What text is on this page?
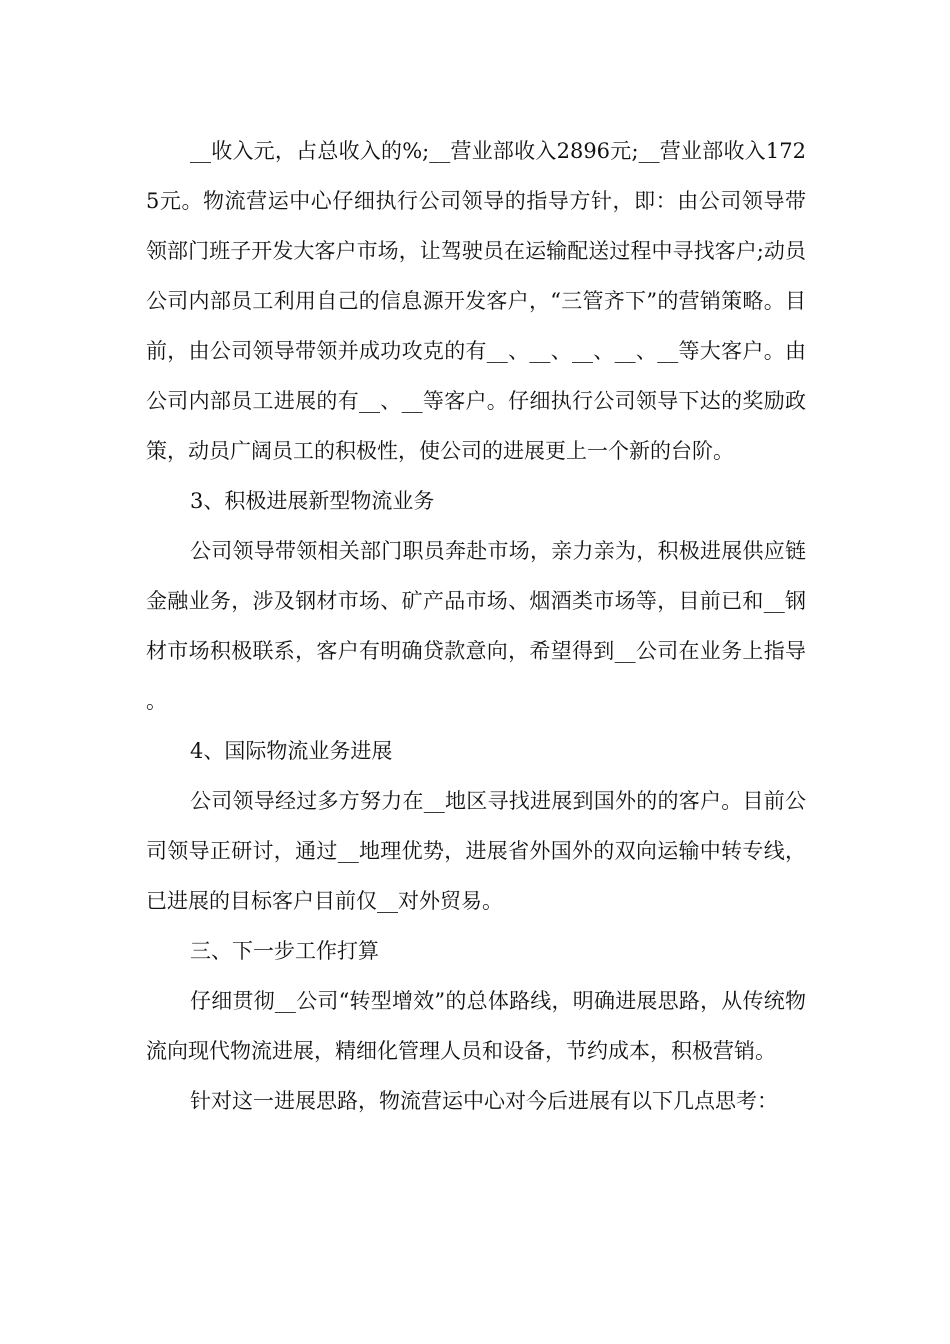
__收入元，占总收入的%;__营业部收入2896元;__营业部收入1725元。物流营运中心仔细执行公司领导的指导方针，即：由公司领导带领部门班子开发大客户市场，让驾驶员在运输配送过程中寻找客户;动员公司内部员工利用自己的信息源开发客户，“三管齐下”的营销策略。目前，由公司领导带领并成功攻克的有__、__、__、__、__等大客户。由公司内部员工进展的有__、__等客户。仔细执行公司领导下达的奖励政策，动员广阔员工的积极性，使公司的进展更上一个新的台阶。

3、积极进展新型物流业务

公司领导带领相关部门职员奔赴市场，亲力亲为，积极进展供应链金融业务，涉及钢材市场、矿产品市场、烟酒类市场等，目前已和__钢材市场积极联系，客户有明确贷款意向，希望得到__公司在业务上指导。

4、国际物流业务进展

公司领导经过多方努力在__地区寻找进展到国外的的客户。目前公司领导正研讨，通过__地理优势，进展省外国外的双向运输中转专线，已进展的目标客户目前仅__对外贸易。

三、下一步工作打算

仔细贯彻__公司“转型增效”的总体路线，明确进展思路，从传统物流向现代物流进展，精细化管理人员和设备，节约成本，积极营销。

针对这一进展思路，物流营运中心对今后进展有以下几点思考：
